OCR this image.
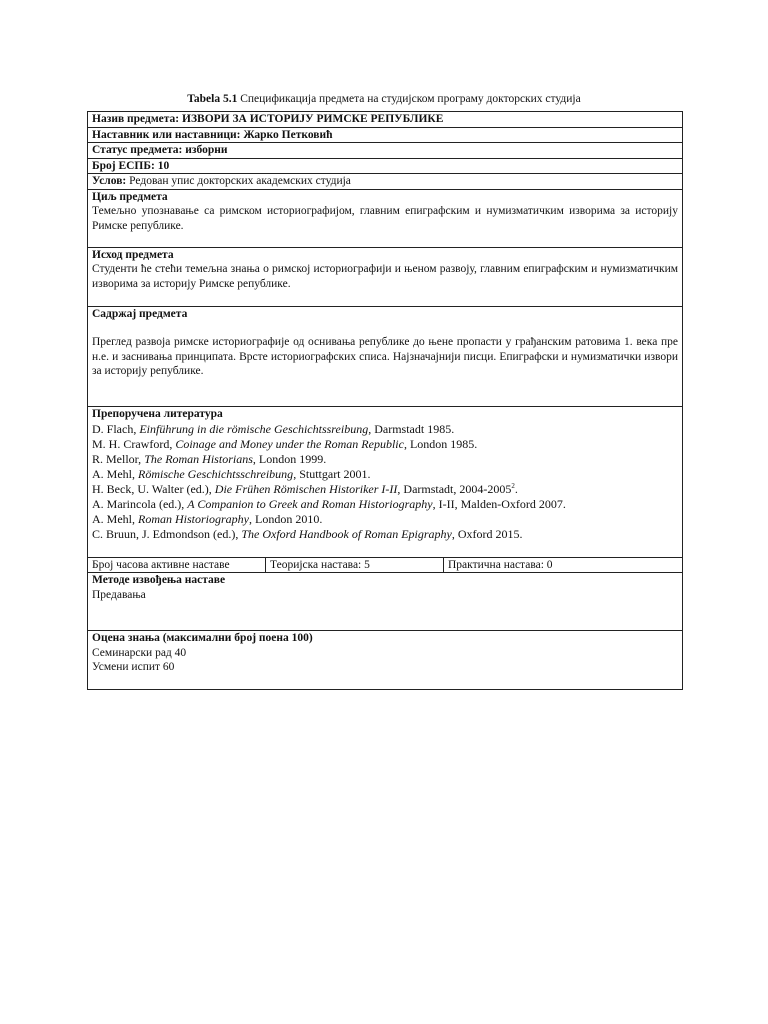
Tabela 5.1 Спецификација предмета на студијском програму докторских студија
Назив предмета: ИЗВОРИ ЗА ИСТОРИЈУ РИМСКЕ РЕПУБЛИКЕ
Наставник или наставници: Жарко Петковић
Статус предмета: изборни
Број ЕСПБ: 10
Услов: Редован упис докторских академских студија

Циљ предмета

Темељно упознавање са римском историографијом, главним епиграфским и нумизматичким изворима за историју Римске републике.

Исход предмета

Студенти ће стећи темељна знања о римској историографији и њеном развоју, главним епиграфским и нумизматичким изворима за историју Римске републике.

Садржај предмета

Преглед развоја римске историографије од оснивања републике до њене пропасти у грађанским ратовима 1. века пре н.е. и заснивања принципата. Врсте историографских списа. Најзначајнији писци. Епиграфски и нумизматички извори за историју републике.

Препоручена литература

D. Flach, Einführung in die römische Geschichtssreibung, Darmstadt 1985.

M. H. Crawford, Coinage and Money under the Roman Republic, London 1985.

R. Mellor, The Roman Historians, London 1999.

A. Mehl, Römische Geschichtsschreibung, Stuttgart 2001.

H. Beck, U. Walter (ed.), Die Frühen Römischen Historiker I-II, Darmstadt, 2004-2005$^2$.

A. Marincola (ed.), A Companion to Greek and Roman Historiography, I-II, Malden-Oxford 2007.

A. Mehl, Roman Historiography, London 2010.

C. Bruun, J. Edmondson (ed.), The Oxford Handbook of Roman Epigraphy, Oxford 2015.

Број часова активне наставе	Теоријска настава: 5	Практична настава: 0

Методе извођења наставе

Предавања

Оцена знања (максимални број поена 100)

Семинарски рад 40

Усмени испит 60
